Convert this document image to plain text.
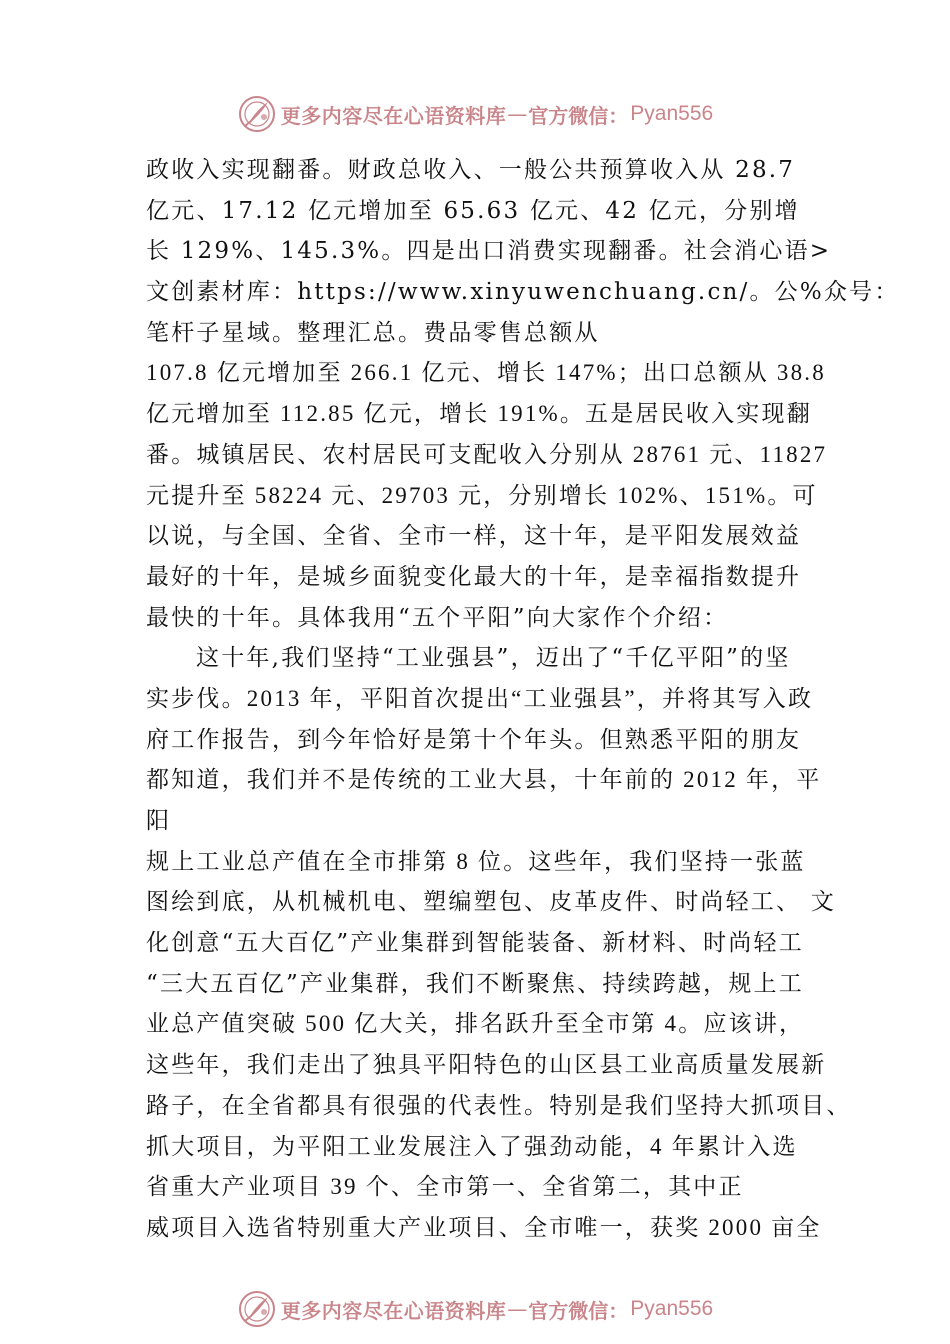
更多内容尽在心语资料库 — 官方微信： Pyan556
政收入实现翻番。财政总收入、一般公共预算收入从 28.7
亿元、17.12 亿元增加至 65.63 亿元、42 亿元，分别增
长 129%、145.3%。四是出口消费实现翻番。社会消心语>
文创素材库：https://www.xinyuwenchuang.cn/。公%众号：
笔杆子星域。整理汇总。费品零售总额从
107.8 亿元增加至 266.1 亿元、增长 147%；出口总额从 38.8
亿元增加至 112.85 亿元，增长 191%。五是居民收入实现翻
番。城镇居民、农村居民可支配收入分别从 28761 元、11827
元提升至 58224 元、29703 元，分别增长 102%、151%。可
以说，与全国、全省、全市一样，这十年，是平阳发展效益
最好的十年，是城乡面貌变化最大的十年，是幸福指数提升
最快的十年。具体我用“五个平阳”向大家作个介绍：
这十年,我们坚持“工业强县”，迈出了“千亿平阳”的坚
实步伐。2013 年，平阳首次提出“工业强县”，并将其写入政
府工作报告，到今年恰好是第十个年头。但熟悉平阳的朋友
都知道，我们并不是传统的工业大县，十年前的 2012 年，平
阳
规上工业总产值在全市排第 8 位。这些年，我们坚持一张蓝
图绘到底，从机械机电、塑编塑包、皮革皮件、时尚轻工、 文
化创意“五大百亿”产业集群到智能装备、新材料、时尚轻工
“三大五百亿”产业集群，我们不断聚焦、持续跨越，规上工
业总产值突破 500 亿大关，排名跃升至全市第 4。应该讲，
这些年，我们走出了独具平阳特色的山区县工业高质量发展新
路子，在全省都具有很强的代表性。特别是我们坚持大抓项目、
抓大项目，为平阳工业发展注入了强劲动能，4 年累计入选
省重大产业项目 39 个、全市第一、全省第二，其中正
威项目入选省特别重大产业项目、全市唯一，获奖 2000 亩全
更多内容尽在心语资料库 — 官方微信： Pyan556
